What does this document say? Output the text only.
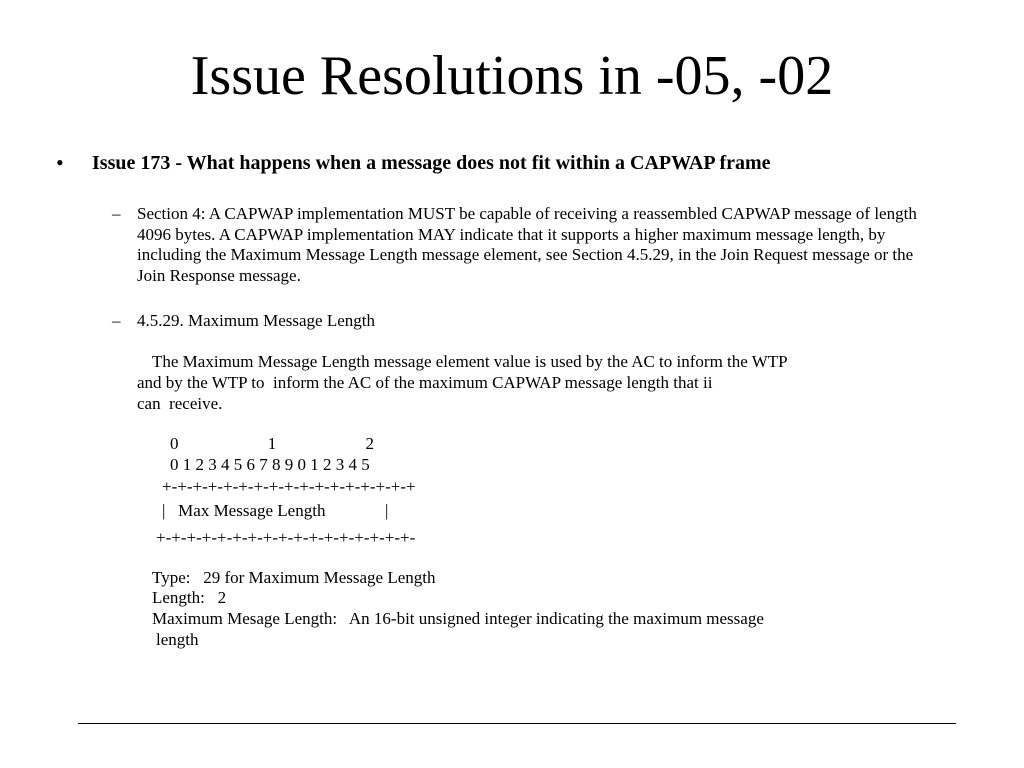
Issue Resolutions in -05, -02
• Issue 173 - What happens when a message does not fit within a CAPWAP frame

– Section 4: A CAPWAP implementation MUST be capable of receiving a reassembled CAPWAP message of length 4096 bytes. A CAPWAP implementation MAY indicate that it supports a higher maximum message length, by including the Maximum Message Length message element, see Section 4.5.29, in the Join Request message or the Join Response message.

– 4.5.29. Maximum Message Length

The Maximum Message Length message element value is used by the AC to inform the WTP

and by the WTP to  inform the AC of the maximum CAPWAP message length that ii

can  receive.

0                     1                     2

0 1 2 3 4 5 6 7 8 9 0 1 2 3 4 5

+-+-+-+-+-+-+-+-+-+-+-+-+-+-+-+-+

|   Max Message Length              |

+-+-+-+-+-+-+-+-+-+-+-+-+-+-+-+-+-

Type:   29 for Maximum Message Length

Length:   2

Maximum Mesage Length:   An 16-bit unsigned integer indicating the maximum message

length
